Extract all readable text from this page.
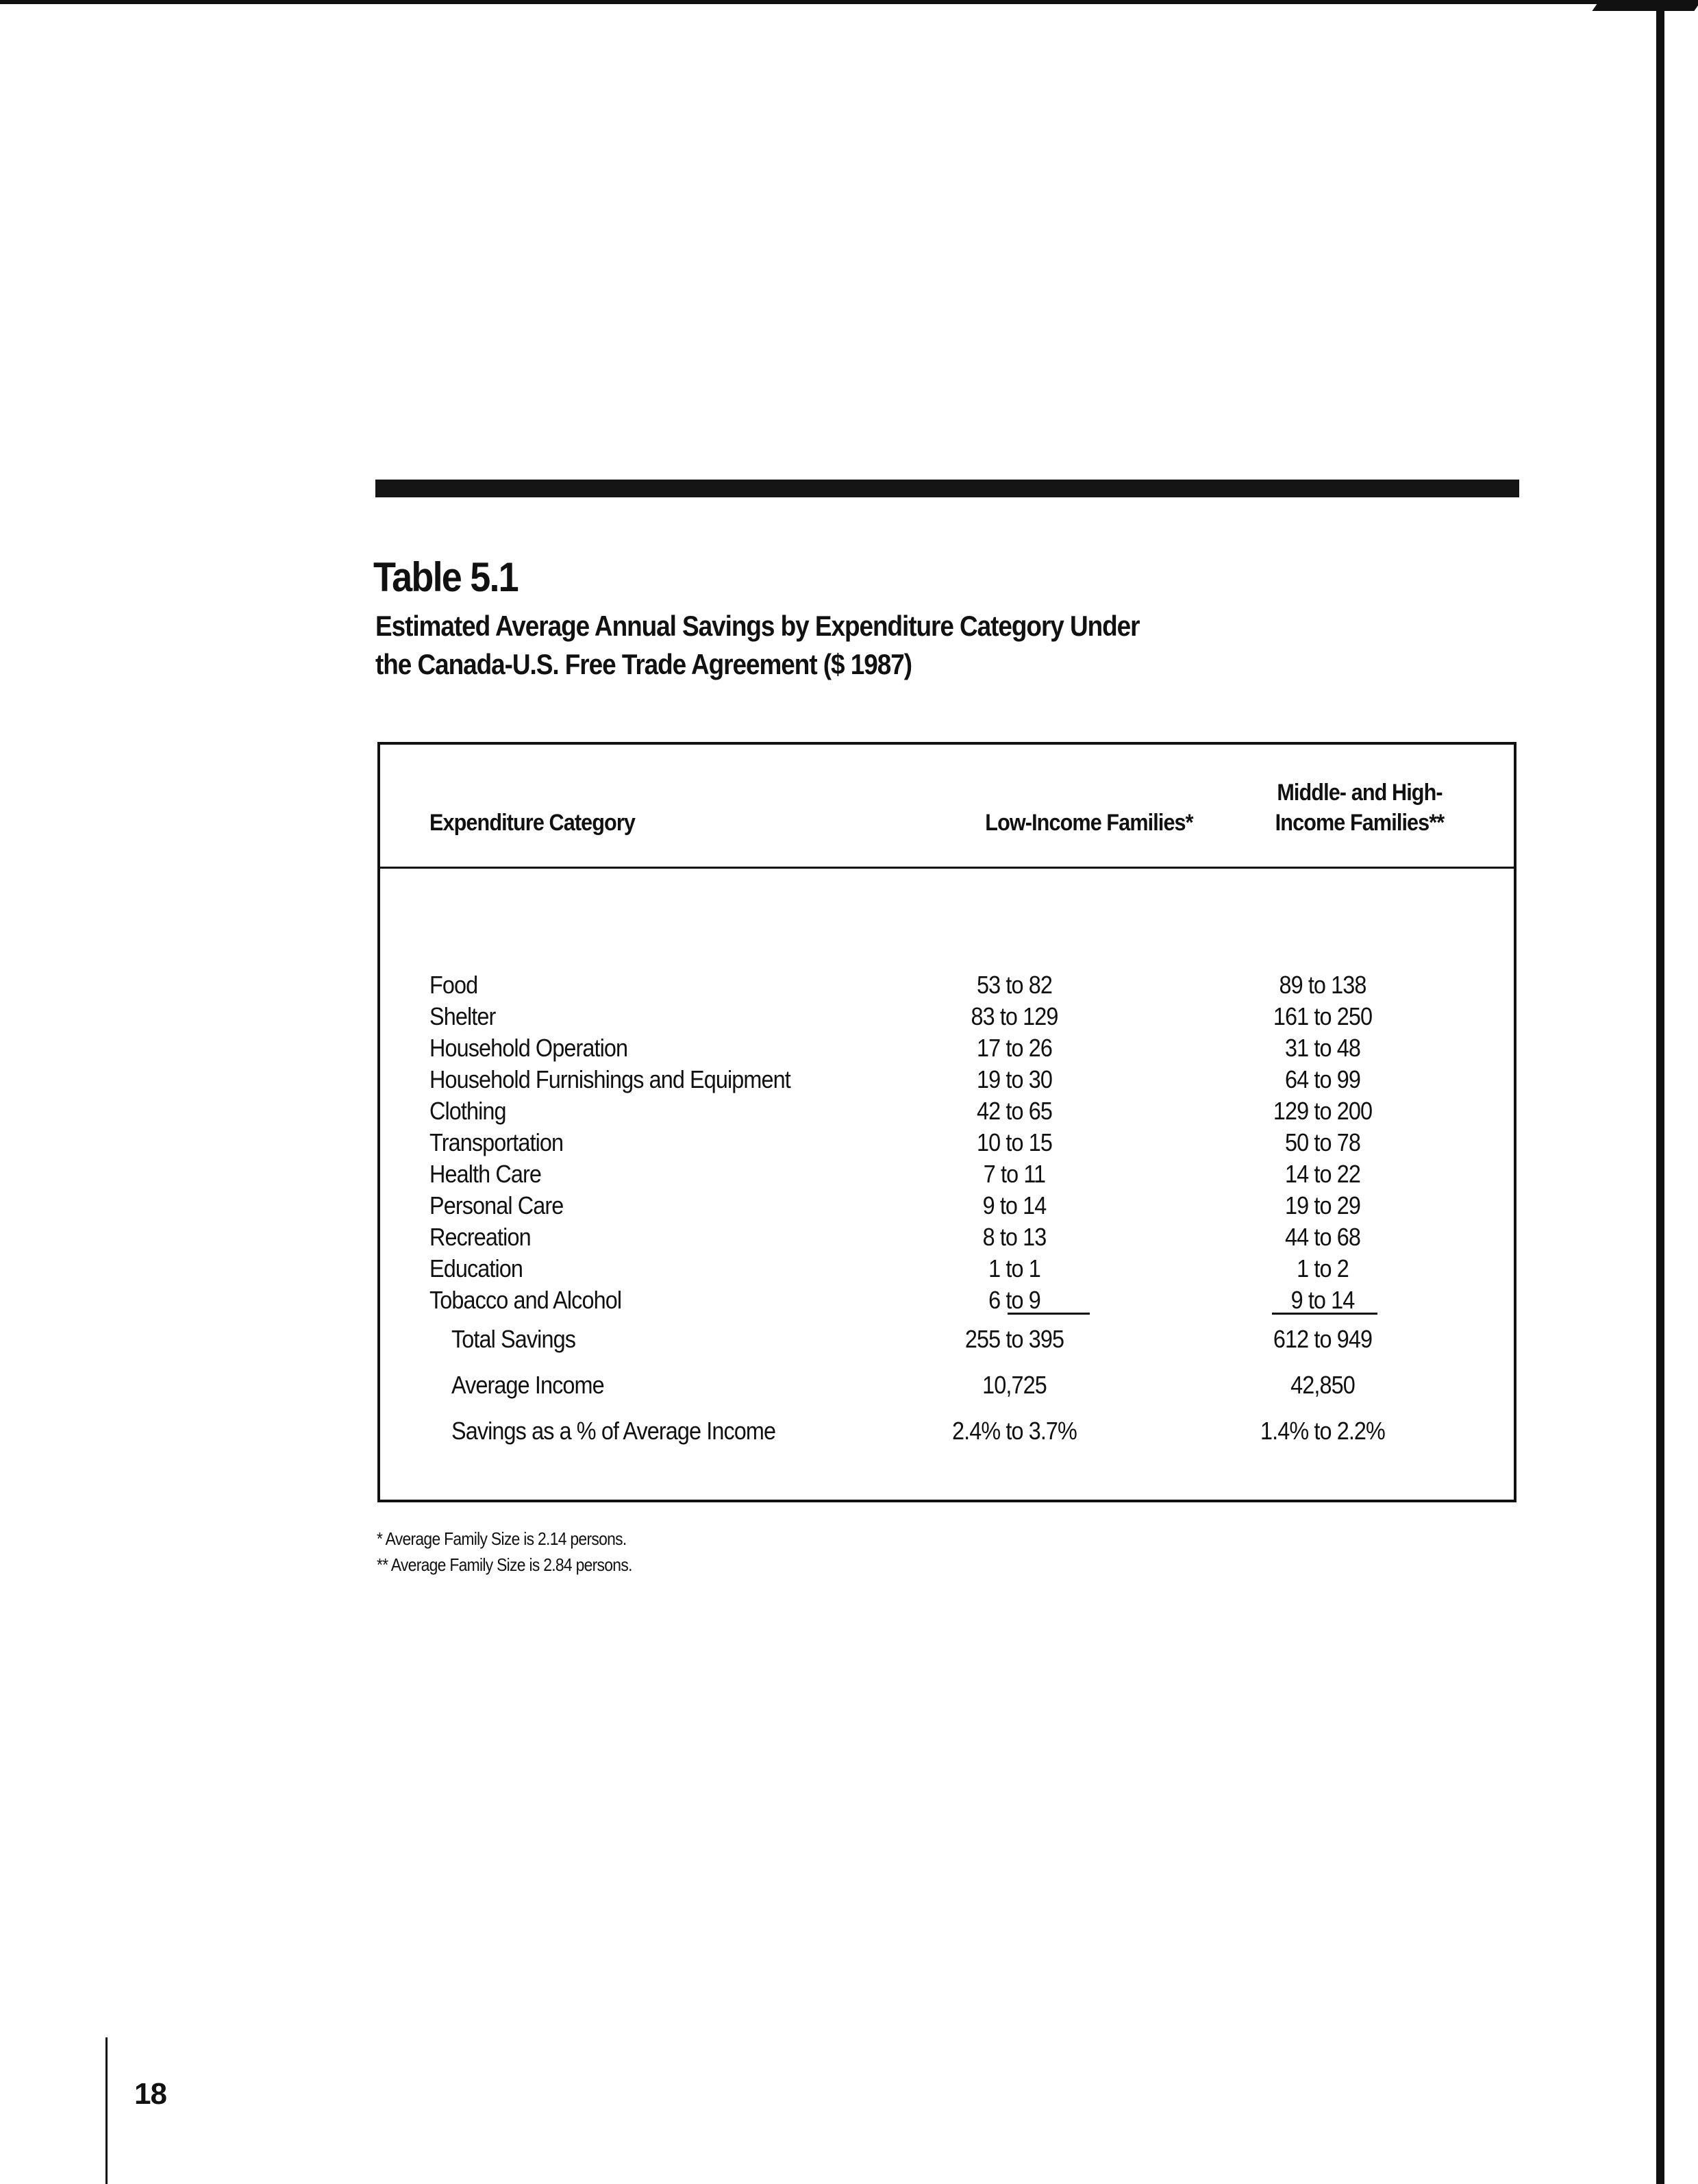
Table 5.1
Estimated Average Annual Savings by Expenditure Category Under
the Canada-U.S. Free Trade Agreement ($ 1987)
Expenditure Category	Low-Income Families*
Middle- and High-
Income Families**
Food	53 to 82	89 to 138
Shelter	83 to 129	161 to 250
Household Operation	17 to 26	31 to 48
Household Furnishings and Equipment	19 to 30	64 to 99
Clothing	42 to 65	129 to 200
Transportation	10 to 15	50 to 78
Health Care	7 to 11	14 to 22
Personal Care	9 to 14	19 to 29
Recreation	8 to 13	44 to 68
Education	1 to 1	1 to 2
Tobacco and Alcohol	6 to 9	9 to 14
Total Savings	255 to 395	612 to 949
Average Income	10,725	42,850
Savings as a % of Average Income	2.4% to 3.7%	1.4% to 2.2%
* Average Family Size is 2.14 persons.
** Average Family Size is 2.84 persons.
18
